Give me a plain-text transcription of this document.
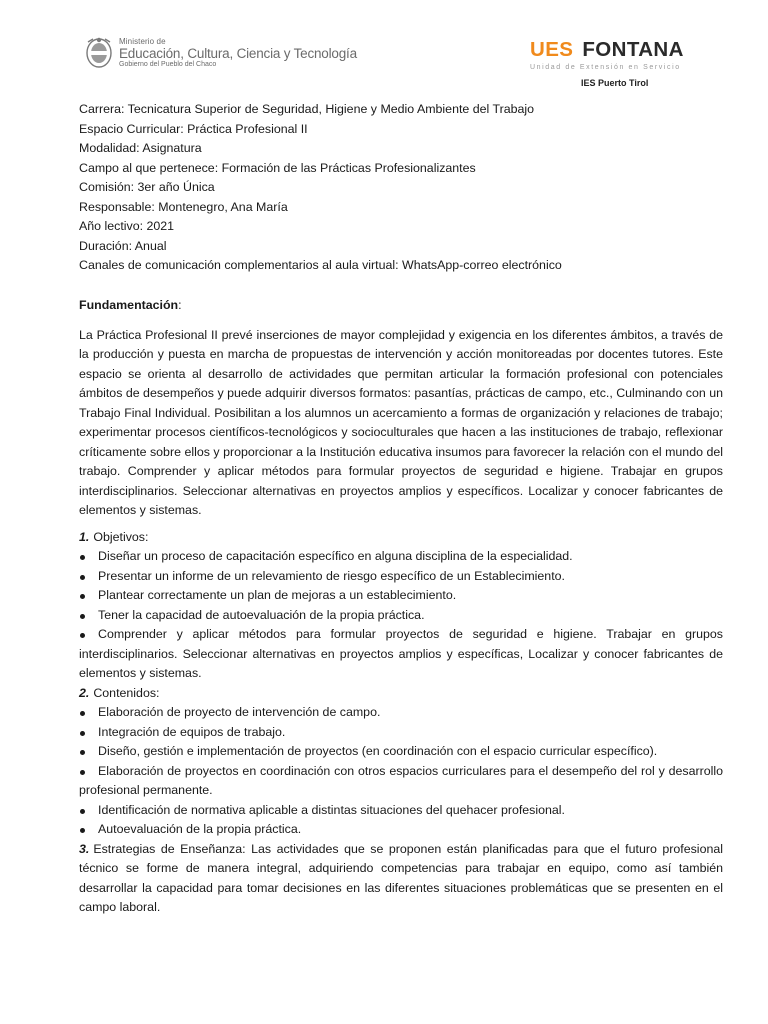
Ministerio de
Educación, Cultura, Ciencia y Tecnología
Gobierno del Pueblo del Chaco
UES FONTANA
Unidad de Extensión en Servicio
IES Puerto Tirol
Carrera: Tecnicatura Superior de Seguridad, Higiene y Medio Ambiente del Trabajo
Espacio Curricular: Práctica Profesional II
Modalidad: Asignatura
Campo al que pertenece: Formación de las Prácticas Profesionalizantes
Comisión: 3er año Única
Responsable: Montenegro, Ana María
Año lectivo: 2021
Duración: Anual
Canales de comunicación complementarios al aula virtual: WhatsApp-correo electrónico
Fundamentación:
La Práctica Profesional II prevé inserciones de mayor complejidad y exigencia en los diferentes ámbitos, a través de la producción y puesta en marcha de propuestas de intervención y acción monitoreadas por docentes tutores. Este espacio se orienta al desarrollo de actividades que permitan articular la formación profesional con potenciales ámbitos de desempeños y puede adquirir diversos formatos: pasantías, prácticas de campo, etc., Culminando con un Trabajo Final Individual. Posibilitan a los alumnos un acercamiento a formas de organización y relaciones de trabajo; experimentar procesos científicos-tecnológicos y socioculturales que hacen a las instituciones de trabajo, reflexionar críticamente sobre ellos y proporcionar a la Institución educativa insumos para favorecer la relación con el mundo del trabajo. Comprender y aplicar métodos para formular proyectos de seguridad e higiene. Trabajar en grupos interdisciplinarios. Seleccionar alternativas en proyectos amplios y específicos. Localizar y conocer fabricantes de elementos y sistemas.
1. Objetivos:
Diseñar un proceso de capacitación específico en alguna disciplina de la especialidad.
Presentar un informe de un relevamiento de riesgo específico de un Establecimiento.
Plantear correctamente un plan de mejoras a un establecimiento.
Tener la capacidad de autoevaluación de la propia práctica.
Comprender y aplicar métodos para formular proyectos de seguridad e higiene. Trabajar en grupos interdisciplinarios. Seleccionar alternativas en proyectos amplios y específicas, Localizar y conocer fabricantes de elementos y sistemas.
2. Contenidos:
Elaboración de proyecto de intervención de campo.
Integración de equipos de trabajo.
Diseño, gestión e implementación de proyectos (en coordinación con el espacio curricular específico).
Elaboración de proyectos en coordinación con otros espacios curriculares para el desempeño del rol y desarrollo profesional permanente.
Identificación de normativa aplicable a distintas situaciones del quehacer profesional.
Autoevaluación de la propia práctica.
3. Estrategias de Enseñanza: Las actividades que se proponen están planificadas para que el futuro profesional técnico se forme de manera integral, adquiriendo competencias para trabajar en equipo, como así también desarrollar la capacidad para tomar decisiones en las diferentes situaciones problemáticas que se presenten en el campo laboral.
